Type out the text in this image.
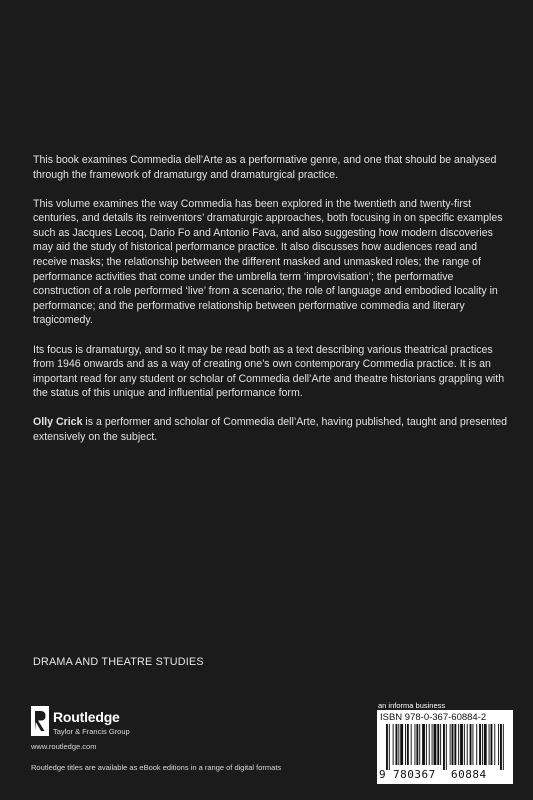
This book examines Commedia dell’Arte as a performative genre, and one that should be analysed through the framework of dramaturgy and dramaturgical practice.

This volume examines the way Commedia has been explored in the twentieth and twenty-first centuries, and details its reinventors’ dramaturgic approaches, both focusing in on specific examples such as Jacques Lecoq, Dario Fo and Antonio Fava, and also suggesting how modern discoveries may aid the study of historical performance practice. It also discusses how audiences read and receive masks; the relationship between the different masked and unmasked roles; the range of performance activities that come under the umbrella term ‘improvisation’; the performative construction of a role performed ‘live’ from a scenario; the role of language and embodied locality in performance; and the performative relationship between performative commedia and literary tragicomedy.

Its focus is dramaturgy, and so it may be read both as a text describing various theatrical practices from 1946 onwards and as a way of creating one’s own contemporary Commedia practice. It is an important read for any student or scholar of Commedia dell’Arte and theatre historians grappling with the status of this unique and influential performance form.

Olly Crick is a performer and scholar of Commedia dell’Arte, having published, taught and presented extensively on the subject.

DRAMA AND THEATRE STUDIES
Routledge
Taylor & Francis Group
www.routledge.com
Routledge titles are available as eBook editions in a range of digital formats
an informa business
ISBN 978-0-367-60884-2
9 780367 60884
